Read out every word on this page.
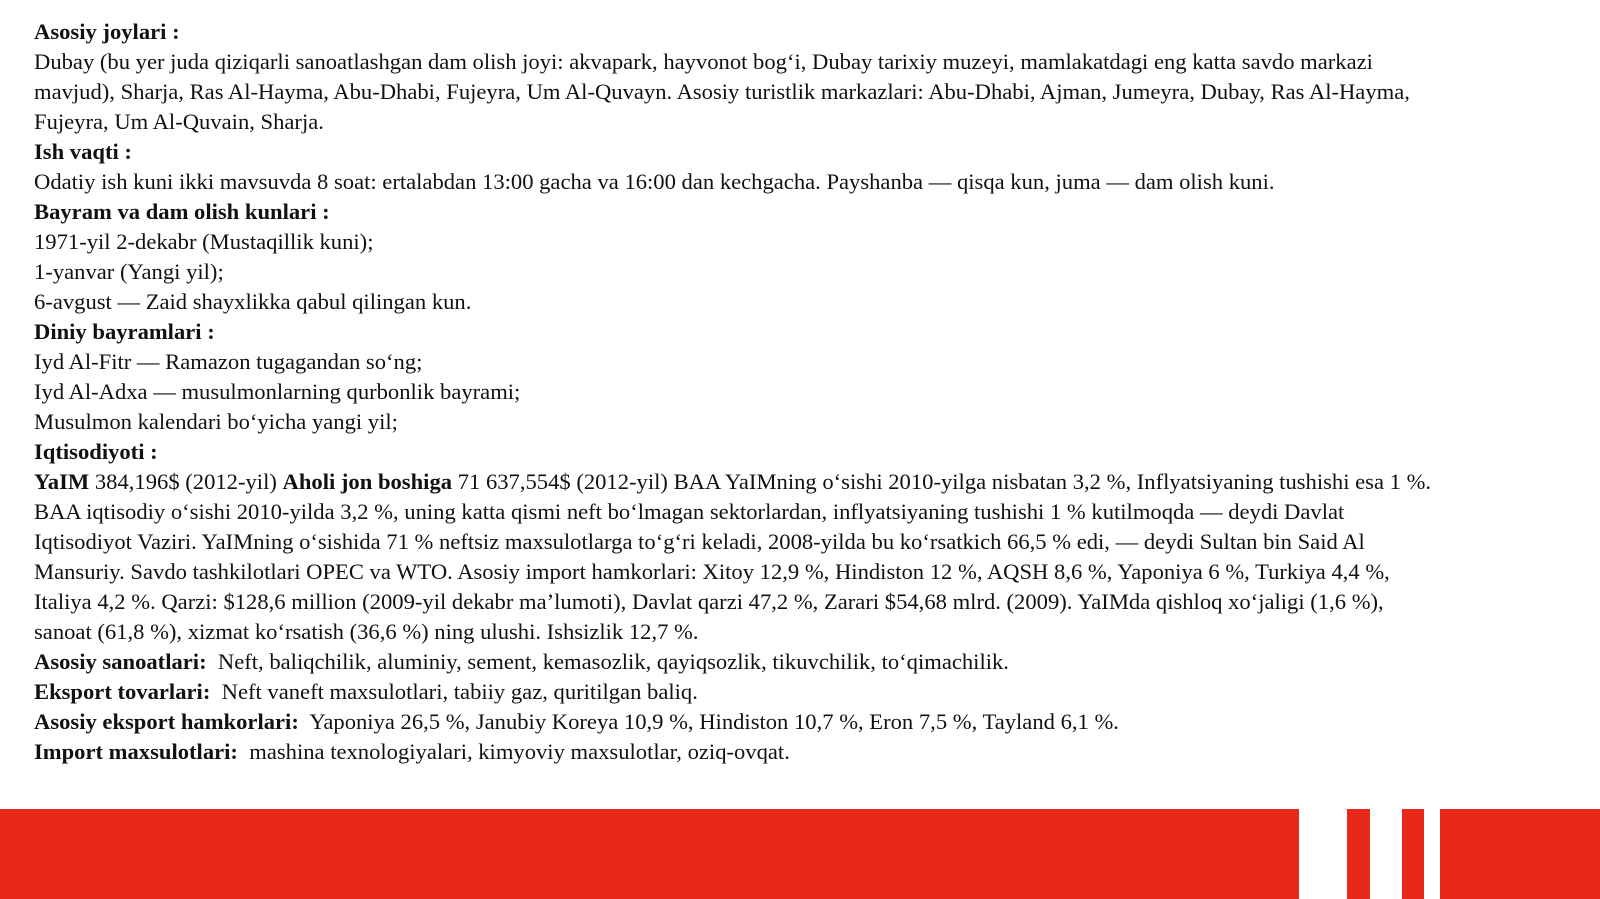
Asosiy joylari :
Dubay (bu yer juda qiziqarli sanoatlashgan dam olish joyi: akvapark, hayvonot bog‘i, Dubay tarixiy muzeyi, mamlakatdagi eng katta savdo markazi
mavjud), Sharja, Ras Al-Hayma, Abu-Dhabi, Fujeyra, Um Al-Quvayn. Asosiy turistlik markazlari: Abu-Dhabi, Ajman, Jumeyra, Dubay, Ras Al-Hayma,
Fujeyra, Um Al-Quvain, Sharja.
Ish vaqti :
Odatiy ish kuni ikki mavsuvda 8 soat: ertalabdan 13:00 gacha va 16:00 dan kechgacha. Payshanba — qisqa kun, juma — dam olish kuni.
Bayram va dam olish kunlari :
1971-yil 2-dekabr (Mustaqillik kuni);
1-yanvar (Yangi yil);
6-avgust — Zaid shayxlikka qabul qilingan kun.
Diniy bayramlari :
Iyd Al-Fitr — Ramazon tugagandan so‘ng;
Iyd Al-Adxa — musulmonlarning qurbonlik bayrami;
Musulmon kalendari bo‘yicha yangi yil;
Iqtisodiyoti :
YaIM 384,196$ (2012-yil) Aholi jon boshiga 71 637,554$ (2012-yil) BAA YaIMning o‘sishi 2010-yilga nisbatan 3,2 %, Inflyatsiyaning tushishi esa 1 %.
BAA iqtisodiy o‘sishi 2010-yilda 3,2 %, uning katta qismi neft bo‘lmagan sektorlardan, inflyatsiyaning tushishi 1 % kutilmoqda — deydi Davlat
Iqtisodiyot Vaziri. YaIMning o‘sishida 71 % neftsiz maxsulotlarga to‘g‘ri keladi, 2008-yilda bu ko‘rsatkich 66,5 % edi, — deydi Sultan bin Said Al
Mansuriy. Savdo tashkilotlari OPEC va WTO. Asosiy import hamkorlari: Xitoy 12,9 %, Hindiston 12 %, AQSH 8,6 %, Yaponiya 6 %, Turkiya 4,4 %,
Italiya 4,2 %. Qarzi: $128,6 million (2009-yil dekabr ma’lumoti), Davlat qarzi 47,2 %, Zarari $54,68 mlrd. (2009). YaIMda qishloq xo‘jaligi (1,6 %),
sanoat (61,8 %), xizmat ko‘rsatish (36,6 %) ning ulushi. Ishsizlik 12,7 %.
Asosiy sanoatlari:  Neft, baliqchilik, aluminiy, sement, kemasozlik, qayiqsozlik, tikuvchilik, to‘qimachilik.
Eksport tovarlari:  Neft vaneft maxsulotlari, tabiiy gaz, quritilgan baliq.
Asosiy eksport hamkorlari:  Yaponiya 26,5 %, Janubiy Koreya 10,9 %, Hindiston 10,7 %, Eron 7,5 %, Tayland 6,1 %.
Import maxsulotlari:  mashina texnologiyalari, kimyoviy maxsulotlar, oziq-ovqat.
